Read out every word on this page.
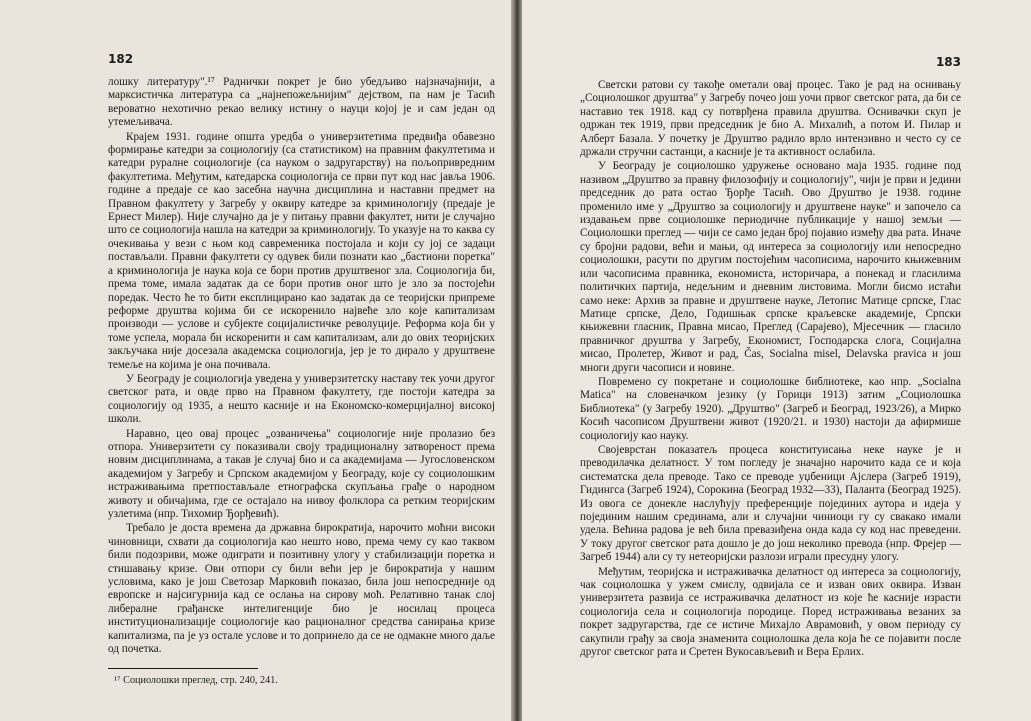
182

лошку литературу".¹⁷ Раднички покрет је био убедљиво најзначајнији, а марксистичка литература са „најнепожељнијим" дејством, па нам је Тасић вероватно нехотично рекао велику истину о науци којој је и сам један од утемељивача.

Крајем 1931. године општа уредба о универзитетима предвиђа обавезно формирање катедри за социологију (са статистиком) на правним факултетима и катедри руралне социологије (са науком о задругарству) на пољопривредним факултетима. Међутим, катедарска социологија се први пут код нас јавља 1906. године а предаје се као засебна научна дисциплина и наставни предмет на Правном факултету у Загребу у оквиру катедре за криминологију (предаје је Ернест Милер). Није случајно да је у питању правни факултет, нити је случајно што се социологија нашла на катедри за криминологију. То указује на то каква су очекивања у вези с њом код савременика постојала и који су јој се задаци постављали. Правни факултети су одувек били познати као „бастиони поретка" а криминологија је наука која се бори против друштвеног зла. Социологија би, према томе, имала задатак да се бори против оног што је зло за постојећи поредак. Често ће то бити експлицирано као задатак да се теоријски припреме реформе друштва којима би се искоренило највеће зло које капитализам производи — услове и субјекте социјалистичке револуције. Реформа која би у томе успела, морала би искоренити и сам капитализам, али до ових теоријских закључака није досезала академска социологија, јер је то дирало у друштвене темеље на којима је она почивала.

У Београду је социологија уведена у универзитетску наставу тек уочи другог светског рата, и овде прво на Правном факултету, где постоји катедра за социологију од 1935, а нешто касније и на Економско-комерцијалној високој школи.

Наравно, цео овај процес „озваничења" социологије није пролазио без отпора. Универзитети су показивали своју традиционалну затвореност према новим дисциплинама, а такав је случај био и са академијама — Југословенском академијом у Загребу и Српском академијом у Београду, које су социолошким истраживањима претпостављале етнографска скупљања грађе о народном животу и обичајима, где се остајало на нивоу фолклора са ретким теоријским узлетима (нпр. Тихомир Ђорђевић).

Требало је доста времена да државна бирократија, нарочито моћни високи чиновници, схвати да социологија као нешто ново, према чему су као таквом били подозриви, може одиграти и позитивну улогу у стабилизацији поретка и стишавању кризе. Ови отпори су били већи јер је бирократија у нашим условима, како је још Светозар Марковић показао, била још непосредније од европске и најсигурнија кад се ослања на сирову моћ. Релативно танак слој либералне грађанске интелигенције био је носилац процеса институционализације социологије као рационалног средства санирања кризе капитализма, па је уз остале услове и то допринело да се не одмакне много даље од почетка.

¹⁷ Социолошки преглед, стр. 240, 241.

183

Светски ратови су такође ометали овај процес. Тако је рад на оснивању „Социолошког друштва" у Загребу почео још уочи првог светског рата, да би се наставио тек 1918. кад су потврђена правила друштва. Оснивачки скуп је одржан тек 1919, први председник је био А. Михалић, а потом И. Пилар и Алберт Базала. У почетку је Друштво радило врло интензивно и често су се држали стручни састанци, а касније је та активност ослабила.

У Београду је социолошко удружење основано маја 1935. године под називом „Друштво за правну филозофију и социологију", чији је први и једини председник до рата остао Ђорђе Тасић. Ово Друштво је 1938. године променило име у „Друштво за социологију и друштвене науке" и започело са издавањем прве социолошке периодичне публикације у нашој земљи — Социолошки преглед — чији се само један број појавио између два рата. Иначе су бројни радови, већи и мањи, од интереса за социологију или непосредно социолошки, расути по другим постојећим часописима, нарочито књижевним или часописима правника, економиста, историчара, а понекад и гласилима политичких партија, недељним и дневним листовима. Могли бисмо истаћи само неке: Архив за правне и друштвене науке, Летопис Матице српске, Глас Матице српске, Дело, Годишњак српске краљевске академије, Српски књижевни гласник, Правна мисао, Преглед (Сарајево), Мјесечник — гласило правничког друштва у Загребу, Економист, Господарска слога, Социјална мисао, Пролетер, Живот и рад, Čas, Socialna misel, Delavska pravica и још многи други часописи и новине.

Повремено су покретане и социолошке библиотеке, као нпр. „Socialna Matica" на словеначком језику (у Горици 1913) затим „Социолошка Библиотека" (у Загребу 1920). „Друштво" (Загреб и Београд, 1923/26), а Мирко Косић часописом Друштвени живот (1920/21. и 1930) настоји да афирмише социологију као науку.

Својеврстан показатељ процеса конституисања неке науке је и преводилачка делатност. У том погледу је значајно нарочито када се и која систематска дела преводе. Тако се преводе уџбеници Ајслера (Загреб 1919), Гидингса (Загреб 1924), Сорокина (Београд 1932—33), Паланта (Београд 1925). Из овога се донекле наслућују преференције појединих аутора и идеја у појединим нашим срединама, али и случајни чиниоци гу су свакако имали удела. Већина радова је већ била превазиђена онда када су код нас преведени. У току другог светског рата дошло је до још неколико превода (нпр. Фрејер — Загреб 1944) али су ту нетеоријски разлози играли пресудну улогу.

Међутим, теоријска и истраживачка делатност од интереса за социологију, чак социолошка у ужем смислу, одвијала се и изван ових оквира. Изван универзитета развија се истраживачка делатност из које ће касније израсти социологија села и социологија породице. Поред истраживања везаних за покрет задругарства, где се истиче Михајло Аврамовић, у овом периоду су сакупили грађу за своја знаменита социолошка дела која ће се појавити после другог светског рата и Сретен Вукосављевић и Вера Ерлих.
